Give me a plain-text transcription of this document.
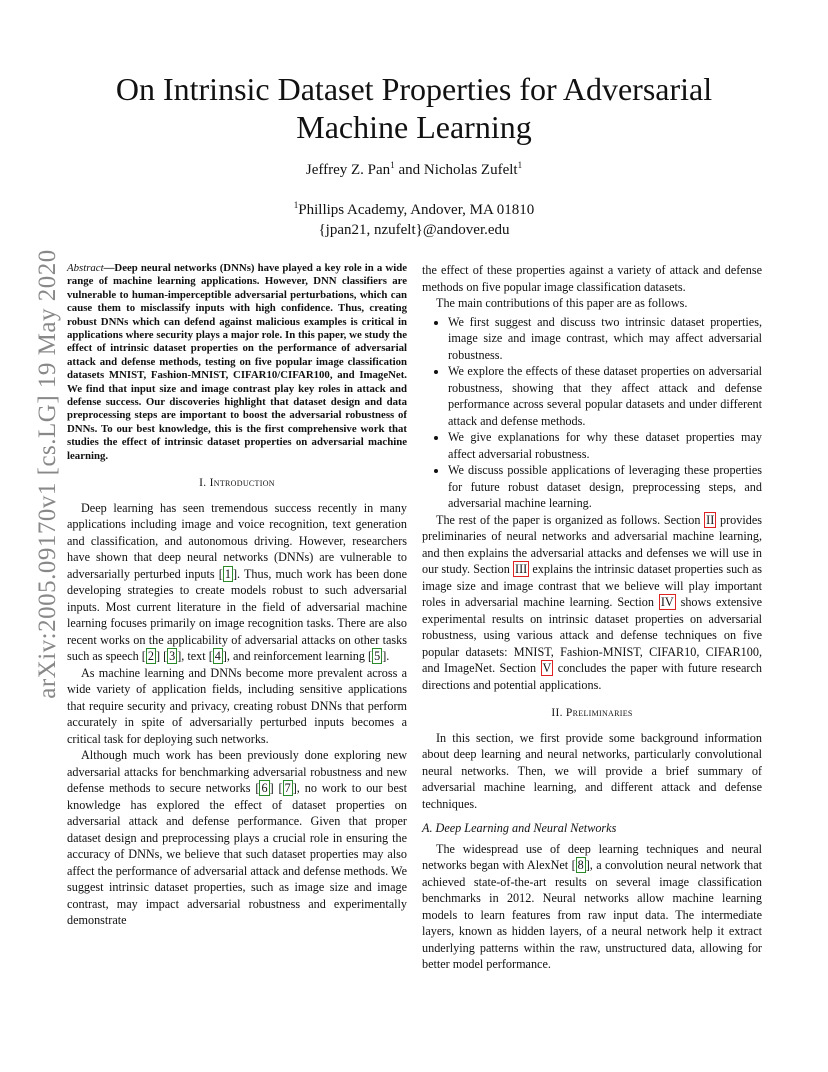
On Intrinsic Dataset Properties for Adversarial Machine Learning
Jeffrey Z. Pan$^1$ and Nicholas Zufelt$^1$
$^1$Phillips Academy, Andover, MA 01810
{jpan21, nzufelt}@andover.edu
arXiv:2005.09170v1 [cs.LG] 19 May 2020 Abstract—Deep neural networks (DNNs) have played a key role in a wide range of machine learning applications. However, DNN classifiers are vulnerable to human-imperceptible adversarial perturbations, which can cause them to misclassify inputs with high confidence. Thus, creating robust DNNs which can defend against malicious examples is critical in applications where security plays a major role. In this paper, we study the effect of intrinsic dataset properties on the performance of adversarial attack and defense methods, testing on five popular image classification datasets MNIST, Fashion-MNIST, CIFAR10/CIFAR100, and ImageNet. We find that input size and image contrast play key roles in attack and defense success. Our discoveries highlight that dataset design and data preprocessing steps are important to boost the adversarial robustness of DNNs. To our best knowledge, this is the first comprehensive work that studies the effect of intrinsic dataset properties on adversarial machine learning.
I. Introduction

Deep learning has seen tremendous success recently in many applications including image and voice recognition, text generation and classification, and autonomous driving. However, researchers have shown that deep neural networks (DNNs) are vulnerable to adversarially perturbed inputs [ 1 ]. Thus, much work has been done developing strategies to create models robust to such adversarial inputs. Most current literature in the field of adversarial machine learning focuses primarily on image recognition tasks. There are also recent works on the applicability of adversarial attacks on other tasks such as speech [ 2 ] [ 3 ], text [ 4 ], and reinforcement learning [ 5 ].

As machine learning and DNNs become more prevalent across a wide variety of application fields, including sensitive applications that require security and privacy, creating robust DNNs that perform accurately in spite of adversarially perturbed inputs becomes a critical task for deploying such networks.

Although much work has been previously done exploring new adversarial attacks for benchmarking adversarial robustness and new defense methods to secure networks [ 6 ] [ 7 ], no work to our best knowledge has explored the effect of dataset properties on adversarial attack and defense performance. Given that proper dataset design and preprocessing plays a crucial role in ensuring the accuracy of DNNs, we believe that such dataset properties may also affect the performance of adversarial attack and defense methods. We suggest intrinsic dataset properties, such as image size and image contrast, may impact adversarial robustness and experimentally demonstrate

the effect of these properties against a variety of attack and defense methods on five popular image classification datasets.

The main contributions of this paper are as follows.

• We first suggest and discuss two intrinsic dataset properties, image size and image contrast, which may affect adversarial robustness.
• We explore the effects of these dataset properties on adversarial robustness, showing that they affect attack and defense performance across several popular datasets and under different attack and defense methods.
• We give explanations for why these dataset properties may affect adversarial robustness.
• We discuss possible applications of leveraging these properties for future robust dataset design, preprocessing steps, and adversarial machine learning.

The rest of the paper is organized as follows. Section II provides preliminaries of neural networks and adversarial machine learning, and then explains the adversarial attacks and defenses we will use in our study. Section III explains the intrinsic dataset properties such as image size and image contrast that we believe will play important roles in adversarial machine learning. Section IV shows extensive experimental results on intrinsic dataset properties on adversarial robustness, using various attack and defense techniques on five popular datasets: MNIST, Fashion-MNIST, CIFAR10, CIFAR100, and ImageNet. Section V concludes the paper with future research directions and potential applications.

II. Preliminaries

In this section, we first provide some background information about deep learning and neural networks, particularly convolutional neural networks. Then, we will provide a brief summary of adversarial machine learning, and different attack and defense techniques.

A. Deep Learning and Neural Networks

The widespread use of deep learning techniques and neural networks began with AlexNet [ 8 ], a convolution neural network that achieved state-of-the-art results on several image classification benchmarks in 2012. Neural networks allow machine learning models to learn features from raw input data. The intermediate layers, known as hidden layers, of a neural network help it extract underlying patterns within the raw, unstructured data, allowing for better model performance.
